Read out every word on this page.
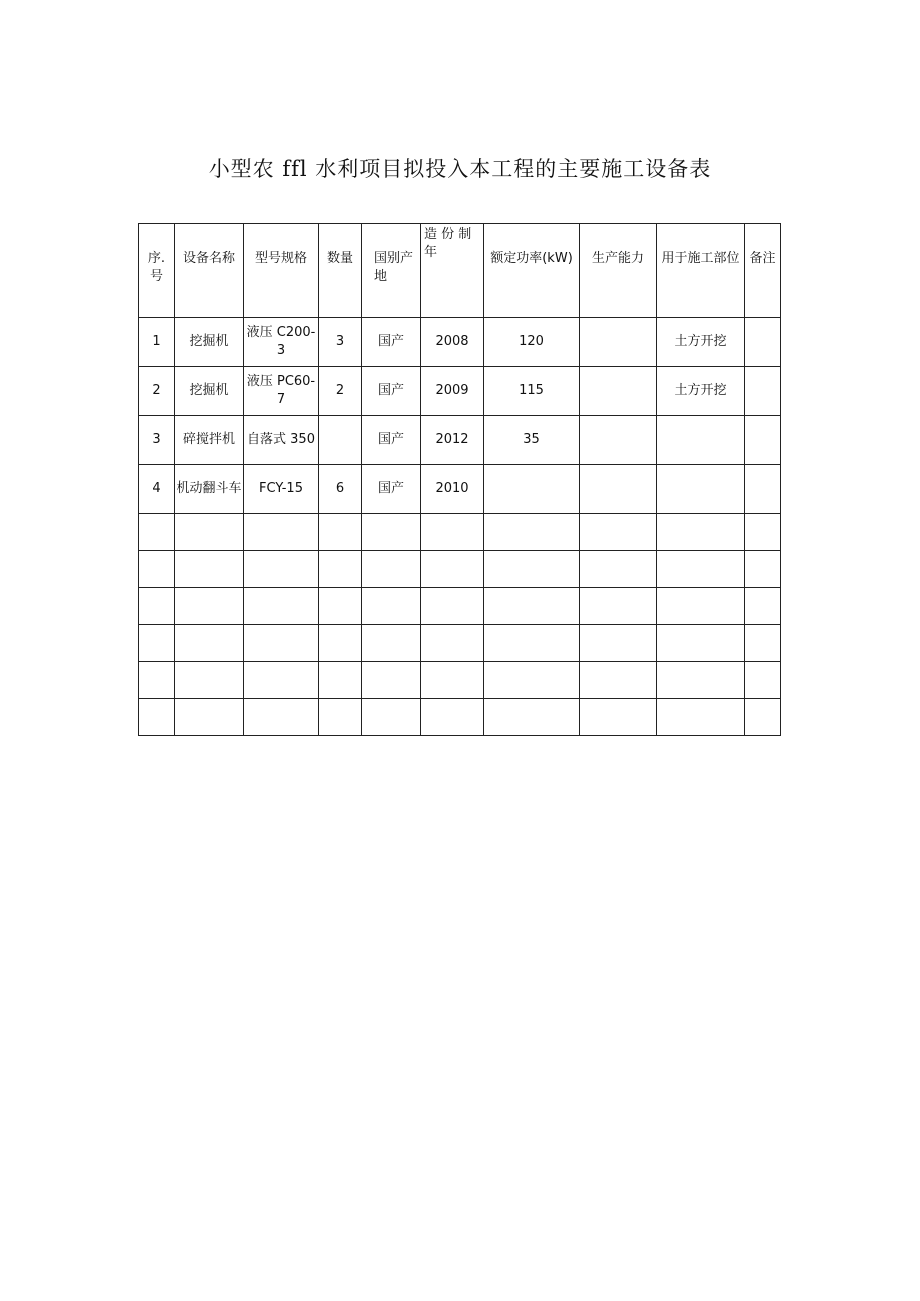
小型农 ffl 水利项目拟投入本工程的主要施工设备表
序. 号	设备名称	型号规格	数量	国别产地	造 份 制 年	额定功率(kW)	生产能力	用于施工部位	备注
1	挖掘机	液压 C200-3	3	国产	2008	120		土方开挖	
2	挖掘机	液压 PC60-7	2	国产	2009	115		土方开挖	
3	碎搅拌机	自落式 350		国产	2012	35			
4	机动翻斗车	FCY-15	6	国产	2010				
